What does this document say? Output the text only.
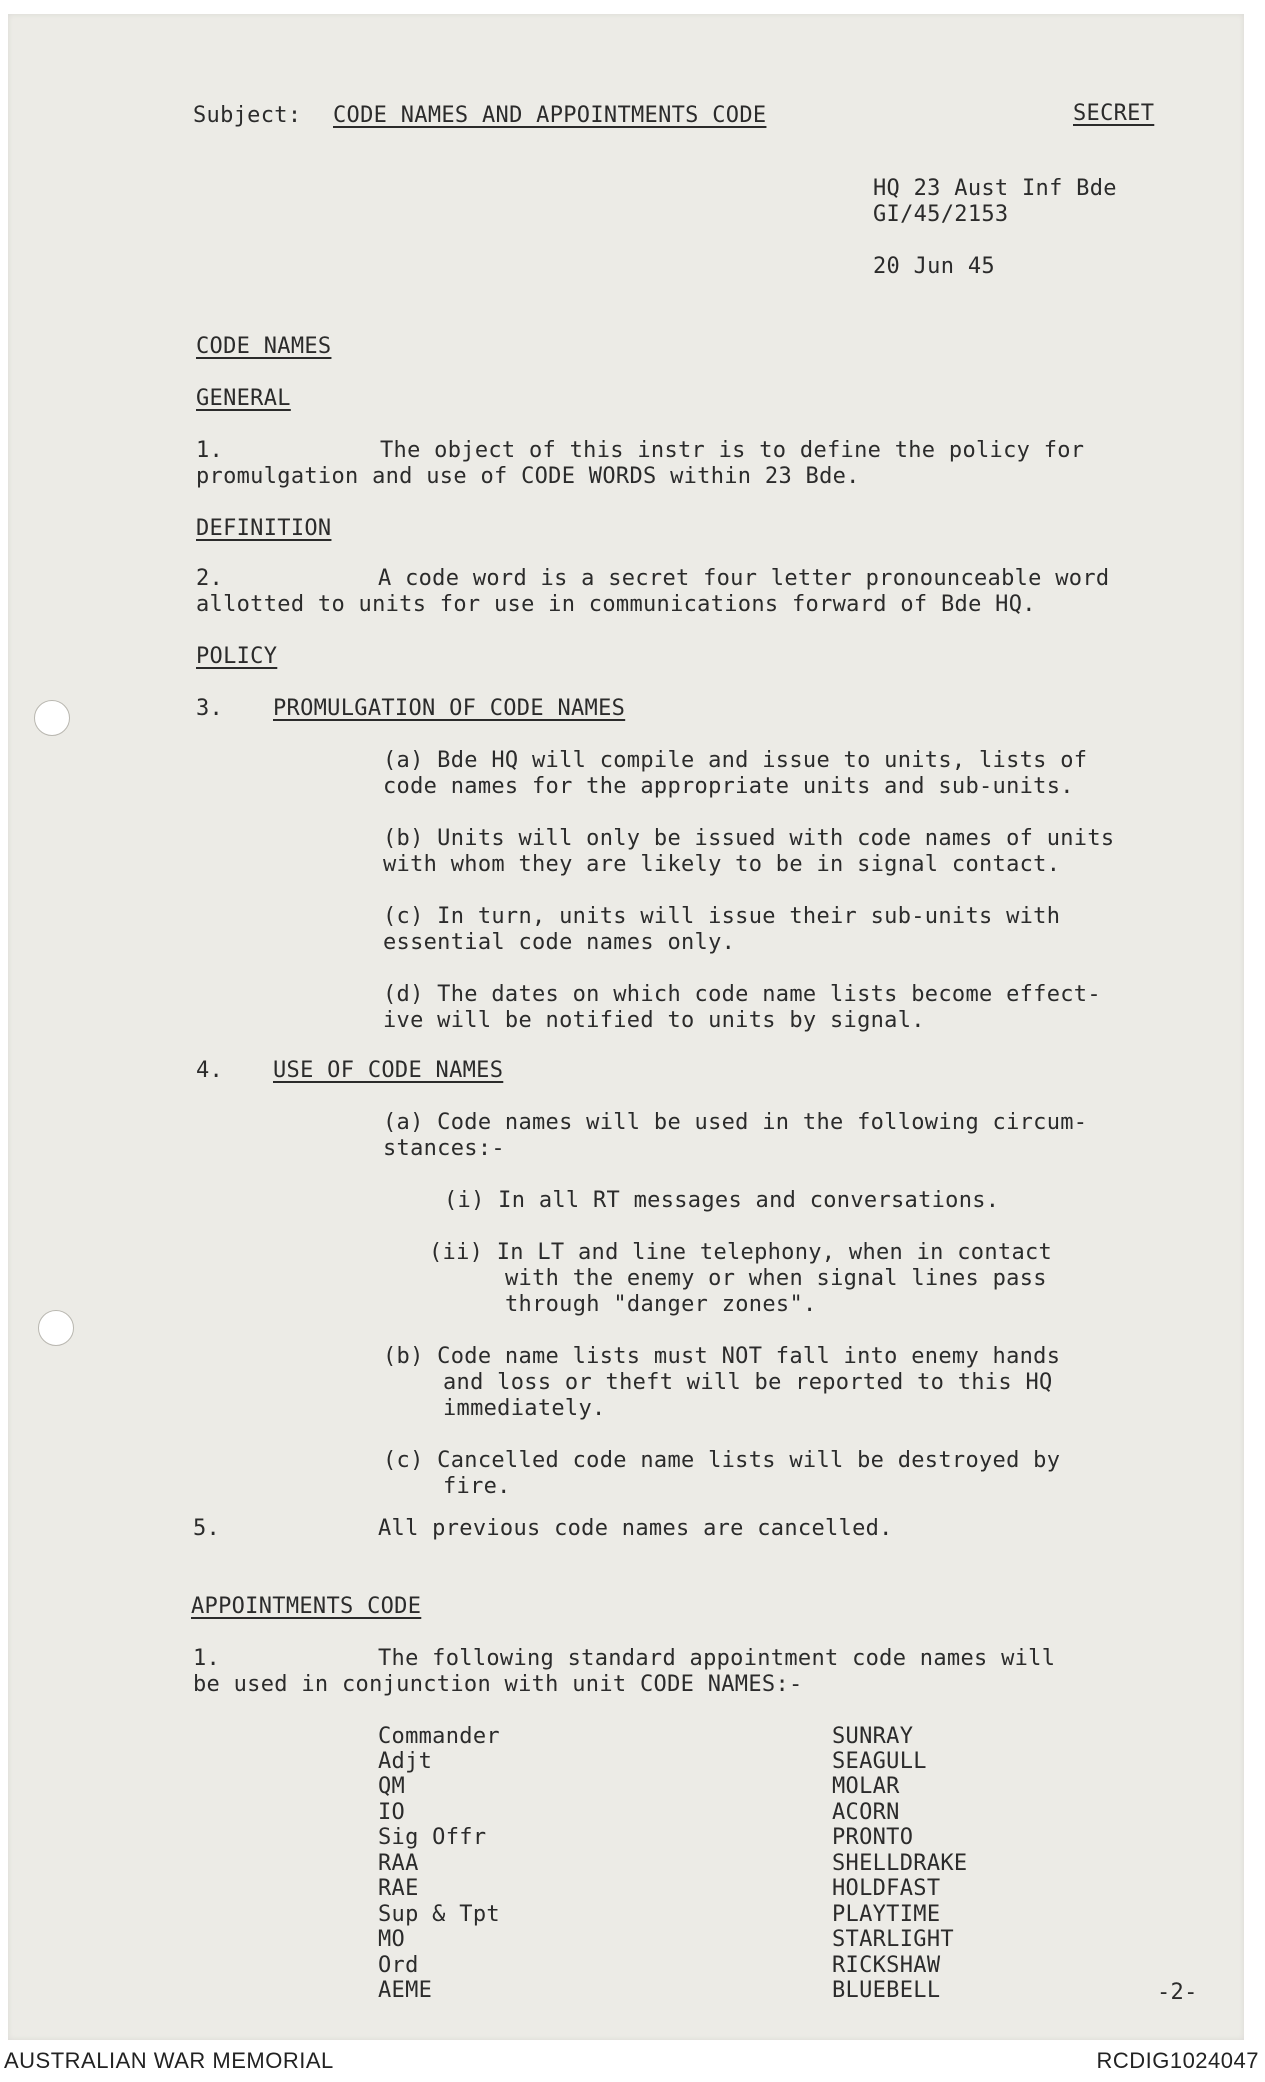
Subject: CODE NAMES AND APPOINTMENTS CODE	SECRET
HQ 23 Aust Inf Bde
GI/45/2153
20 Jun 45
CODE NAMES
GENERAL
1.	The object of this instr is to define the policy for
promulgation and use of CODE WORDS within 23 Bde.
DEFINITION
2.	A code word is a secret four letter pronounceable word
allotted to units for use in communications forward of Bde HQ.
POLICY
3. PROMULGATION OF CODE NAMES
(a) Bde HQ will compile and issue to units, lists of
code names for the appropriate units and sub-units.
(b) Units will only be issued with code names of units
with whom they are likely to be in signal contact.
(c) In turn, units will issue their sub-units with
essential code names only.
(d) The dates on which code name lists become effect-
ive will be notified to units by signal.
4. USE OF CODE NAMES
(a) Code names will be used in the following circum-
stances:-
(i) In all RT messages and conversations.
(ii) In LT and line telephony, when in contact
with the enemy or when signal lines pass
through "danger zones".
(b) Code name lists must NOT fall into enemy hands
and loss or theft will be reported to this HQ
immediately.
(c) Cancelled code name lists will be destroyed by
fire.
5.	All previous code names are cancelled.
APPOINTMENTS CODE
1.	The following standard appointment code names will
be used in conjunction with unit CODE NAMES:-
Commander	SUNRAY
Adjt	SEAGULL
QM	MOLAR
IO	ACORN
Sig Offr	PRONTO
RAA	SHELLDRAKE
RAE	HOLDFAST
Sup & Tpt	PLAYTIME
MO	STARLIGHT
Ord	RICKSHAW
AEME	BLUEBELL	-2-
AUSTRALIAN WAR MEMORIAL	RCDIG1024047
